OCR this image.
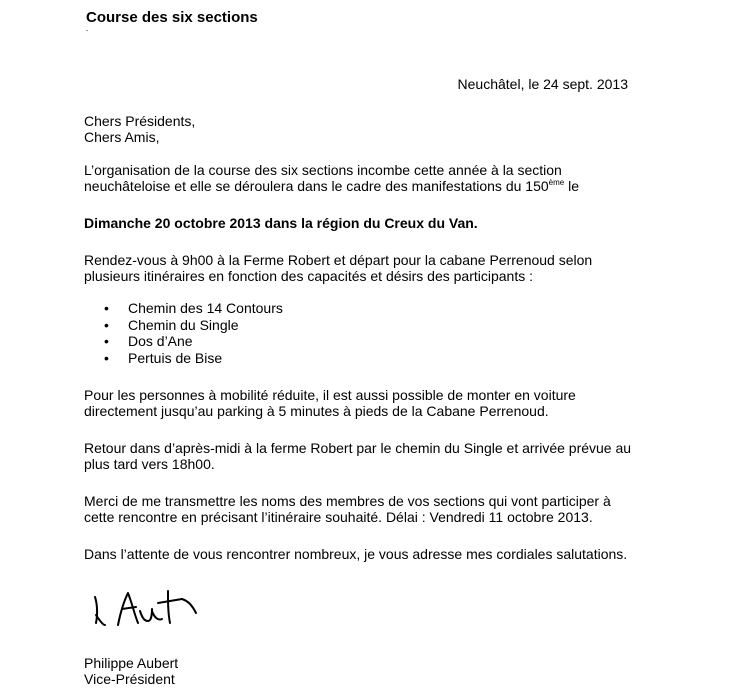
Course des six sections
Neuchâtel, le 24 sept. 2013
Chers Présidents,
Chers Amis,
L’organisation de la course des six sections incombe cette année à la section
neuchâteloise et elle se déroulera dans le cadre des manifestations du 150ème le
Dimanche 20 octobre 2013 dans la région du Creux du Van.
Rendez-vous à 9h00 à la Ferme Robert et départ pour la cabane Perrenoud selon
plusieurs itinéraires en fonction des capacités et désirs des participants :
• Chemin des 14 Contours
• Chemin du Single
• Dos d’Ane
• Pertuis de Bise
Pour les personnes à mobilité réduite, il est aussi possible de monter en voiture
directement jusqu’au parking à 5 minutes à pieds de la Cabane Perrenoud.
Retour dans d’après-midi à la ferme Robert par le chemin du Single et arrivée prévue au
plus tard vers 18h00.
Merci de me transmettre les noms des membres de vos sections qui vont participer à
cette rencontre en précisant l’itinéraire souhaité. Délai : Vendredi 11 octobre 2013.
Dans l’attente de vous rencontrer nombreux, je vous adresse mes cordiales salutations.
Philippe Aubert
Vice-Président
